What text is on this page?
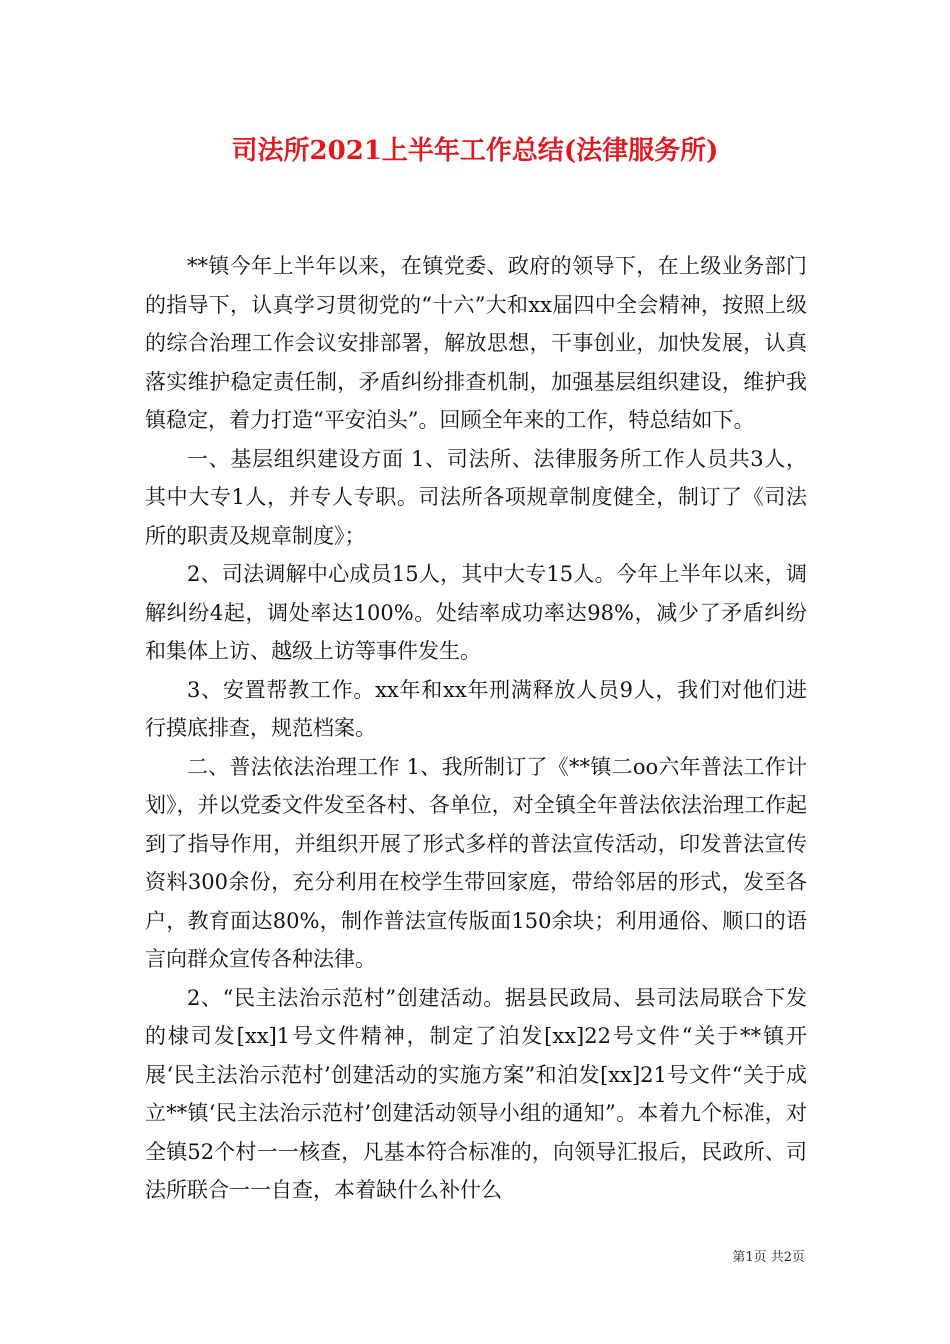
司法所2021上半年工作总结(法律服务所)

**镇今年上半年以来，在镇党委、政府的领导下，在上级业务部门的指导下，认真学习贯彻党的“十六”大和xx届四中全会精神，按照上级的综合治理工作会议安排部署，解放思想，干事创业，加快发展，认真落实维护稳定责任制，矛盾纠纷排查机制，加强基层组织建设，维护我镇稳定，着力打造“平安泊头”。回顾全年来的工作，特总结如下。

一、基层组织建设方面 1、司法所、法律服务所工作人员共3人，其中大专1人，并专人专职。司法所各项规章制度健全，制订了《司法所的职责及规章制度》；

2、司法调解中心成员15人，其中大专15人。今年上半年以来，调解纠纷4起，调处率达100%。处结率成功率达98%，减少了矛盾纠纷和集体上访、越级上访等事件发生。

3、安置帮教工作。xx年和xx年刑满释放人员9人，我们对他们进行摸底排查，规范档案。

二、普法依法治理工作 1、我所制订了《**镇二oo六年普法工作计划》，并以党委文件发至各村、各单位，对全镇全年普法依法治理工作起到了指导作用，并组织开展了形式多样的普法宣传活动，印发普法宣传资料300余份，充分利用在校学生带回家庭，带给邻居的形式，发至各户，教育面达80%，制作普法宣传版面150余块；利用通俗、顺口的语言向群众宣传各种法律。

2、“民主法治示范村”创建活动。据县民政局、县司法局联合下发的棣司发[xx]1号文件精神，制定了泊发[xx]22号文件“关于**镇开展‘民主法治示范村’创建活动的实施方案”和泊发[xx]21号文件“关于成立**镇‘民主法治示范村’创建活动领导小组的通知”。本着九个标准，对全镇52个村一一核查，凡基本符合标准的，向领导汇报后，民政所、司法所联合一一自查，本着缺什么补什么

第1页 共2页
